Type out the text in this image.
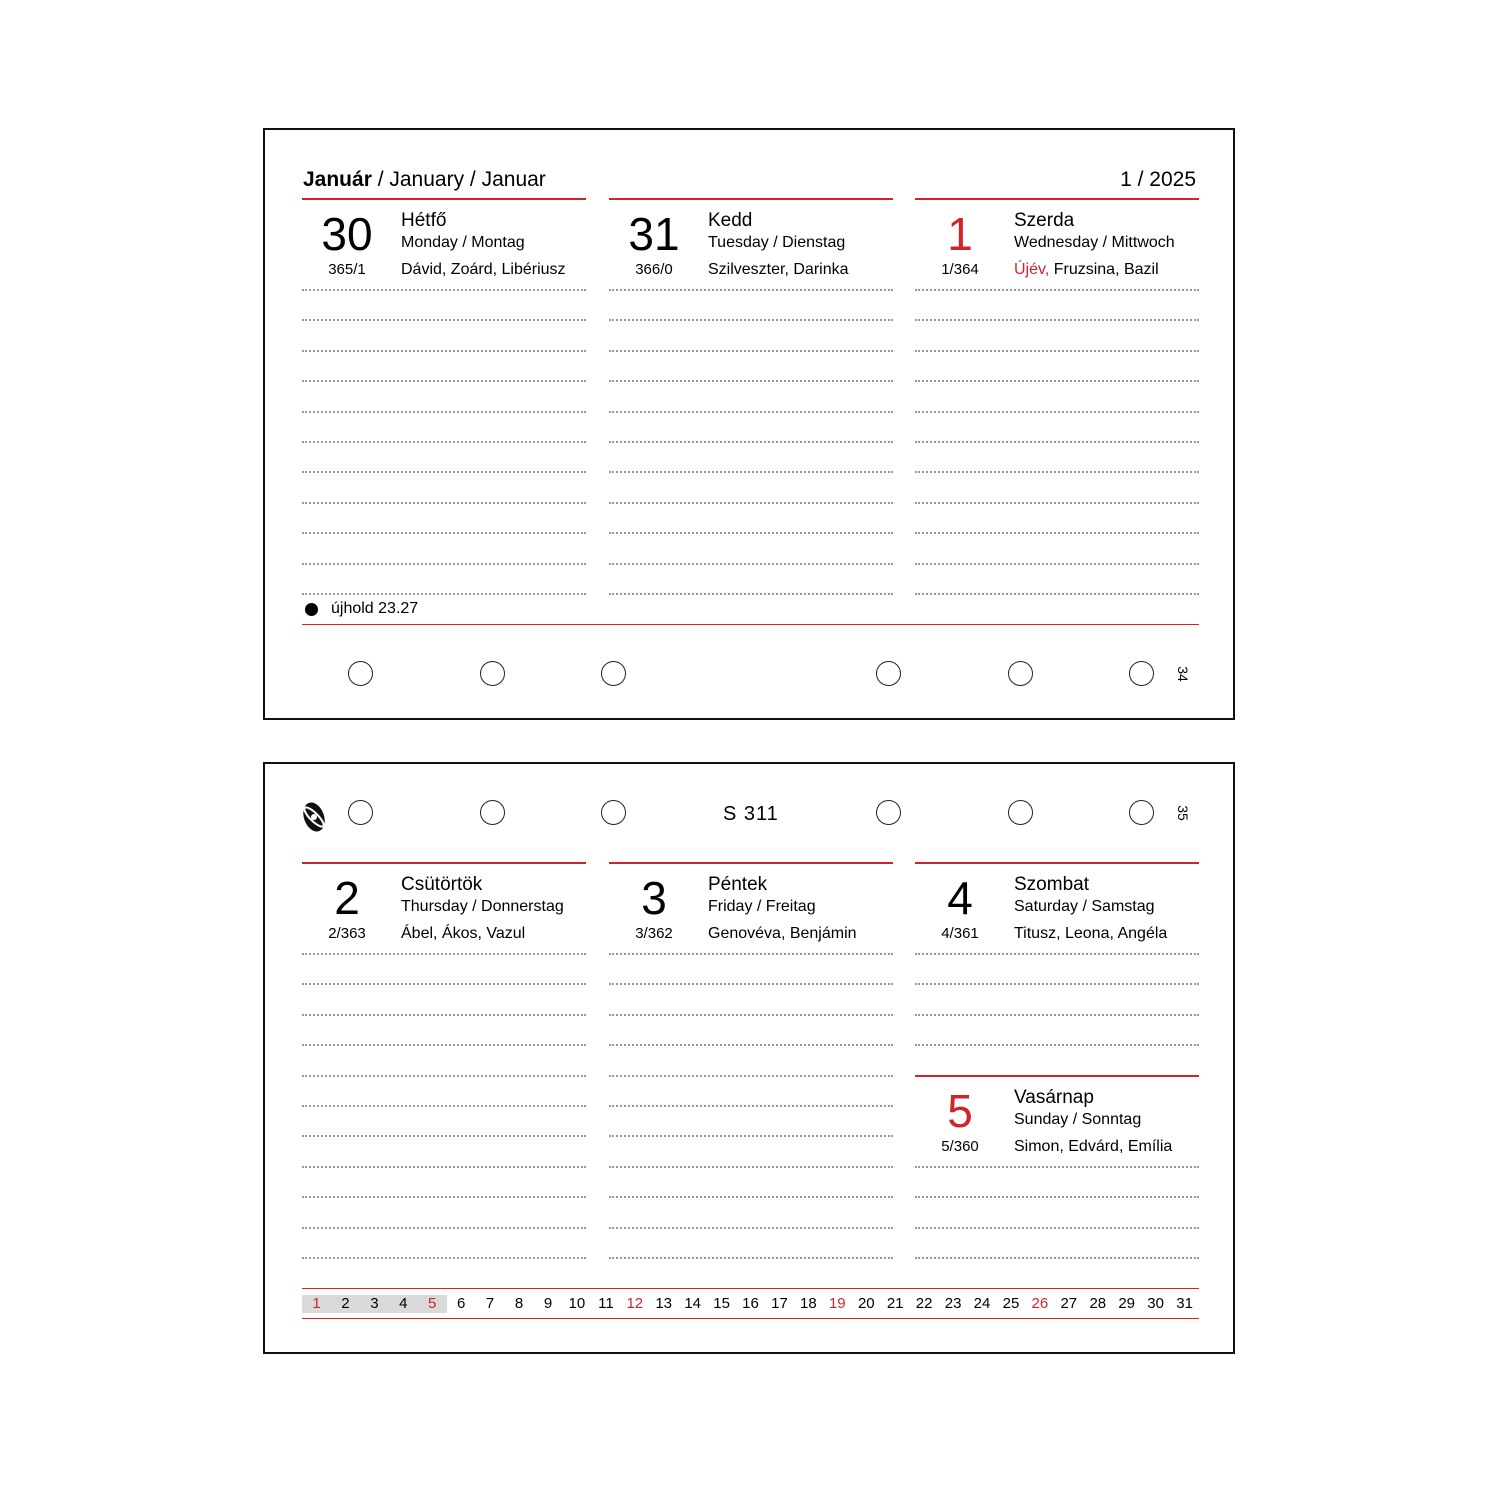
Január / January / Januar	1 / 2025
30	Hétfő
Monday / Montag
365/1	Dávid, Zoárd, Libériusz
31	Kedd
Tuesday / Dienstag
366/0	Szilveszter, Darinka
1	Szerda
Wednesday / Mittwoch
1/364	Újév, Fruzsina, Bazil
újhold 23.27
34
S 311	35
2	Csütörtök
Thursday / Donnerstag
2/363	Ábel, Ákos, Vazul
3	Péntek
Friday / Freitag
3/362	Genovéva, Benjámin
4	Szombat
Saturday / Samstag
4/361	Titusz, Leona, Angéla
5	Vasárnap
Sunday / Sonntag
5/360	Simon, Edvárd, Emília
1	2	3	4	5	6	7	8	9	10 11 12 13 14 15 16 17 18 19 20 21 22 23 24 25 26 27 28 29 30 31
